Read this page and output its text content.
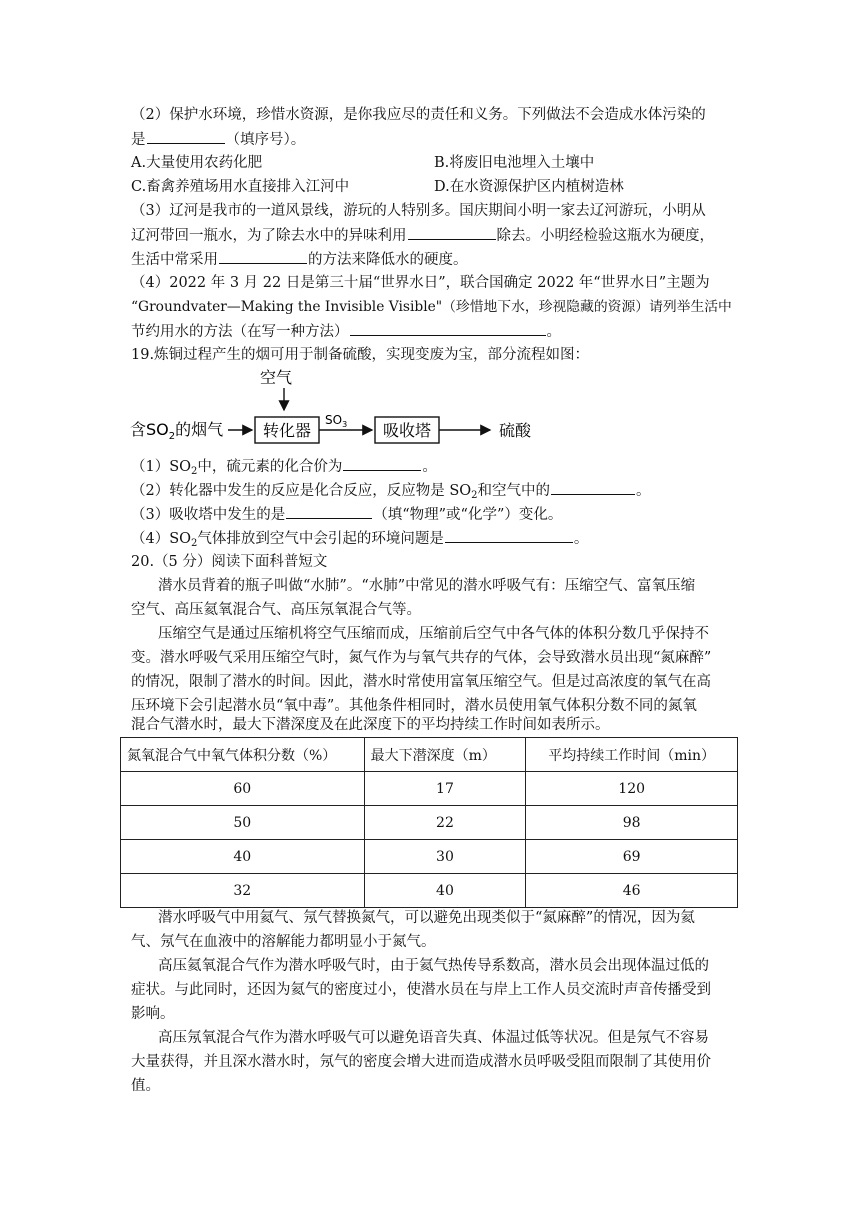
（2）保护水环境，珍惜水资源，是你我应尽的责任和义务。下列做法不会造成水体污染的
是	（填序号）。
A.大量使用农药化肥	B.将废旧电池埋入土壤中
C.畜禽养殖场用水直接排入江河中	D.在水资源保护区内植树造林
（3）辽河是我市的一道风景线，游玩的人特别多。国庆期间小明一家去辽河游玩，小明从
辽河带回一瓶水，为了除去水中的异味利用	除去。小明经检验这瓶水为硬度，
生活中常采用	的方法来降低水的硬度。
（4）2022 年 3 月 22 日是第三十届“世界水日”，联合国确定 2022 年“世界水日”主题为
“Groundvater—Making the Invisible Visible"（珍惜地下水，珍视隐藏的资源）请列举生活中
节约用水的方法（在写一种方法）	。
19.炼铜过程产生的烟可用于制备硫酸，实现变废为宝，部分流程如图：
空气
含$SO_2$的烟气 转化器
$SO_3$ 吸收塔	硫酸
$(1)SO_2$中，硫元素的化合价为	。
（2）转化器中发生的反应是化合反应，反应物是 $SO_2$和空气中的	。
（3）吸收塔中发生的是	（填“物理”或“化学”）变化。
$(4)SO_2$气体排放到空气中会引起的环境问题是	。
20.（5 分）阅读下面科普短文
潜水员背着的瓶子叫做“水肺”。“水肺”中常见的潜水呼吸气有：压缩空气、富氧压缩
空气、高压氦氧混合气、高压氖氧混合气等。
压缩空气是通过压缩机将空气压缩而成，压缩前后空气中各气体的体积分数几乎保持不
变。潜水呼吸气采用压缩空气时，氮气作为与氧气共存的气体，会导致潜水员出现“氮麻醉”
的情况，限制了潜水的时间。因此，潜水时常使用富氧压缩空气。但是过高浓度的氧气在高
压环境下会引起潜水员“氧中毒”。其他条件相同时，潜水员使用氧气体积分数不同的氮氧
混合气潜水时，最大下潜深度及在此深度下的平均持续工作时间如表所示。
氮氧混合气中氧气体积分数（%）	最大下潜深度（m）	平均持续工作时间（min）
60	17	120
50	22	98
40	30	69
32	40	46
潜水呼吸气中用氦气、氖气替换氮气，可以避免出现类似于“氮麻醉”的情况，因为氦
气、氖气在血液中的溶解能力都明显小于氮气。
高压氦氧混合气作为潜水呼吸气时，由于氦气热传导系数高，潜水员会出现体温过低的
症状。与此同时，还因为氦气的密度过小，使潜水员在与岸上工作人员交流时声音传播受到
影响。
高压氖氧混合气作为潜水呼吸气可以避免语音失真、体温过低等状况。但是氖气不容易
大量获得，并且深水潜水时，氖气的密度会增大进而造成潜水员呼吸受阻而限制了其使用价
值。
